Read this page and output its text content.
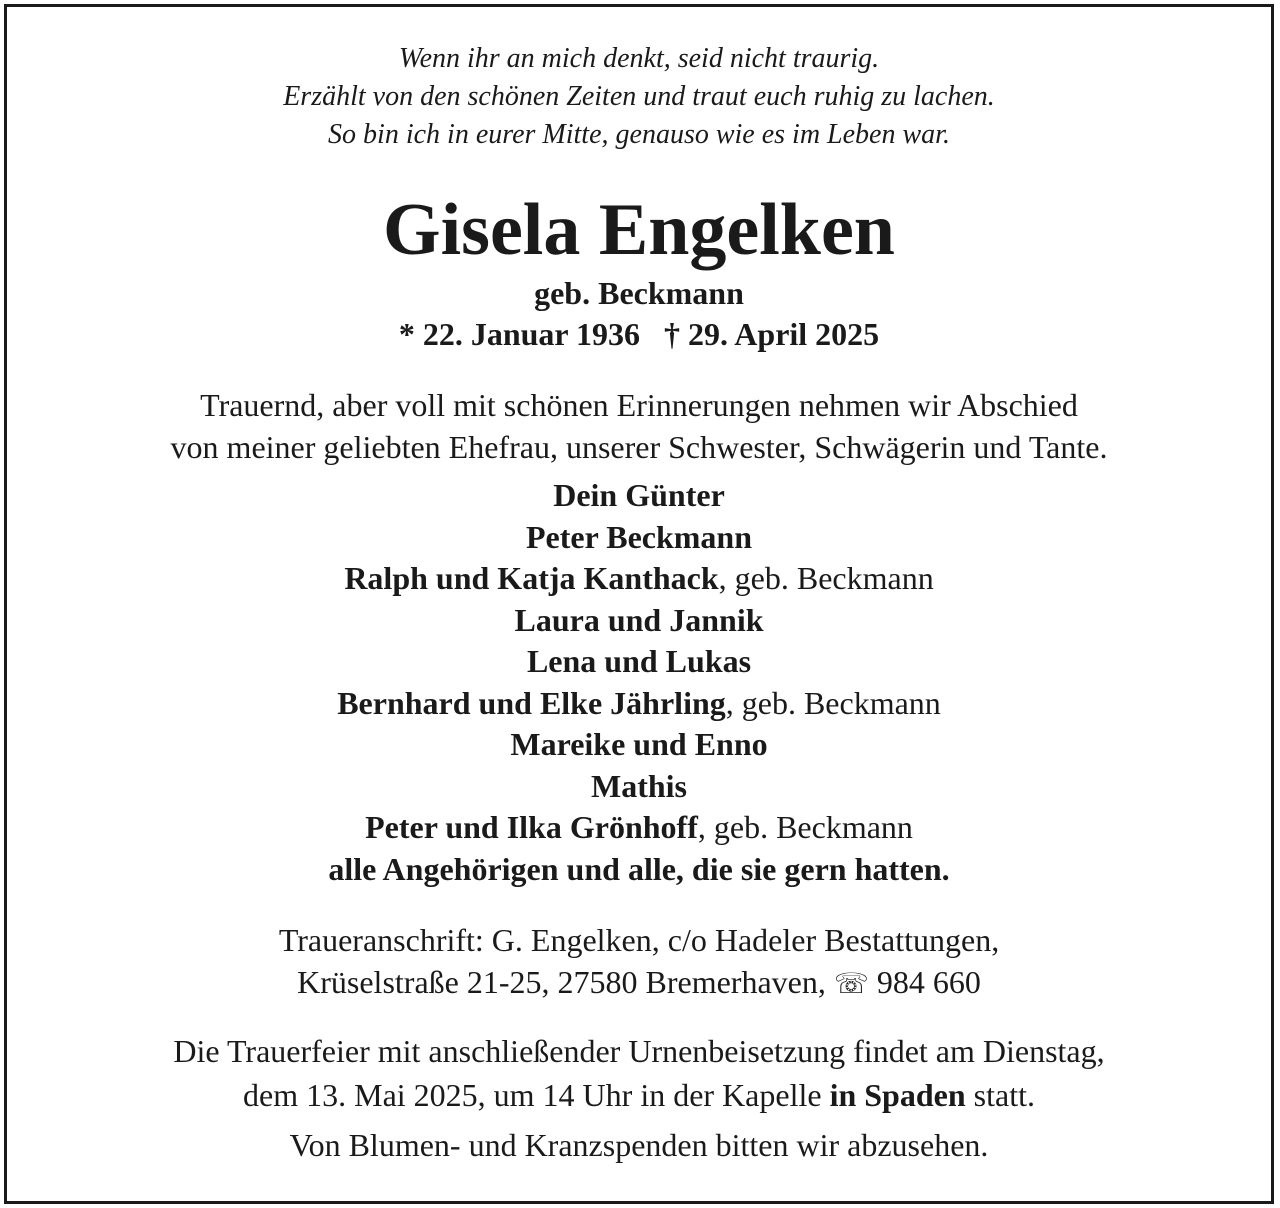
Wenn ihr an mich denkt, seid nicht traurig.
Erzählt von den schönen Zeiten und traut euch ruhig zu lachen.
So bin ich in eurer Mitte, genauso wie es im Leben war.
Gisela Engelken
geb. Beckmann
* 22. Januar 1936 † 29. April 2025
Trauernd, aber voll mit schönen Erinnerungen nehmen wir Abschied
von meiner geliebten Ehefrau, unserer Schwester, Schwägerin und Tante.
Dein Günter
Peter Beckmann
Ralph und Katja Kanthack, geb. Beckmann
Laura und Jannik
Lena und Lukas
Bernhard und Elke Jährling, geb. Beckmann
Mareike und Enno
Mathis
Peter und Ilka Grönhoff, geb. Beckmann
alle Angehörigen und alle, die sie gern hatten.
Traueranschrift: G. Engelken, c/o Hadeler Bestattungen,
Krüselstraße 21-25, 27580 Bremerhaven, ☏ 984 660
Die Trauerfeier mit anschließender Urnenbeisetzung findet am Dienstag,
dem 13. Mai 2025, um 14 Uhr in der Kapelle in Spaden statt.
Von Blumen- und Kranzspenden bitten wir abzusehen.
